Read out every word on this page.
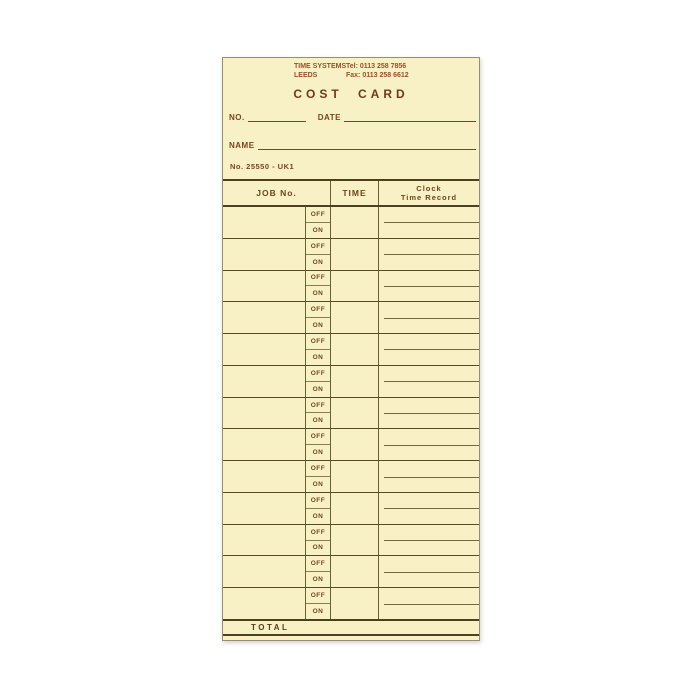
TIME SYSTEMS Tel: 0113 258 7856
LEEDS	Fax: 0113 258 6612
COST CARD
NO.	DATE
NAME
No. 25550 - UK1
JOB No.	TIME	Clock
Time Record
OFF
ON
OFF
ON
OFF
ON
OFF
ON
OFF
ON
OFF
ON
OFF
ON
OFF
ON
OFF
ON
OFF
ON
OFF
ON
OFF
ON
OFF
ON
TOTAL
